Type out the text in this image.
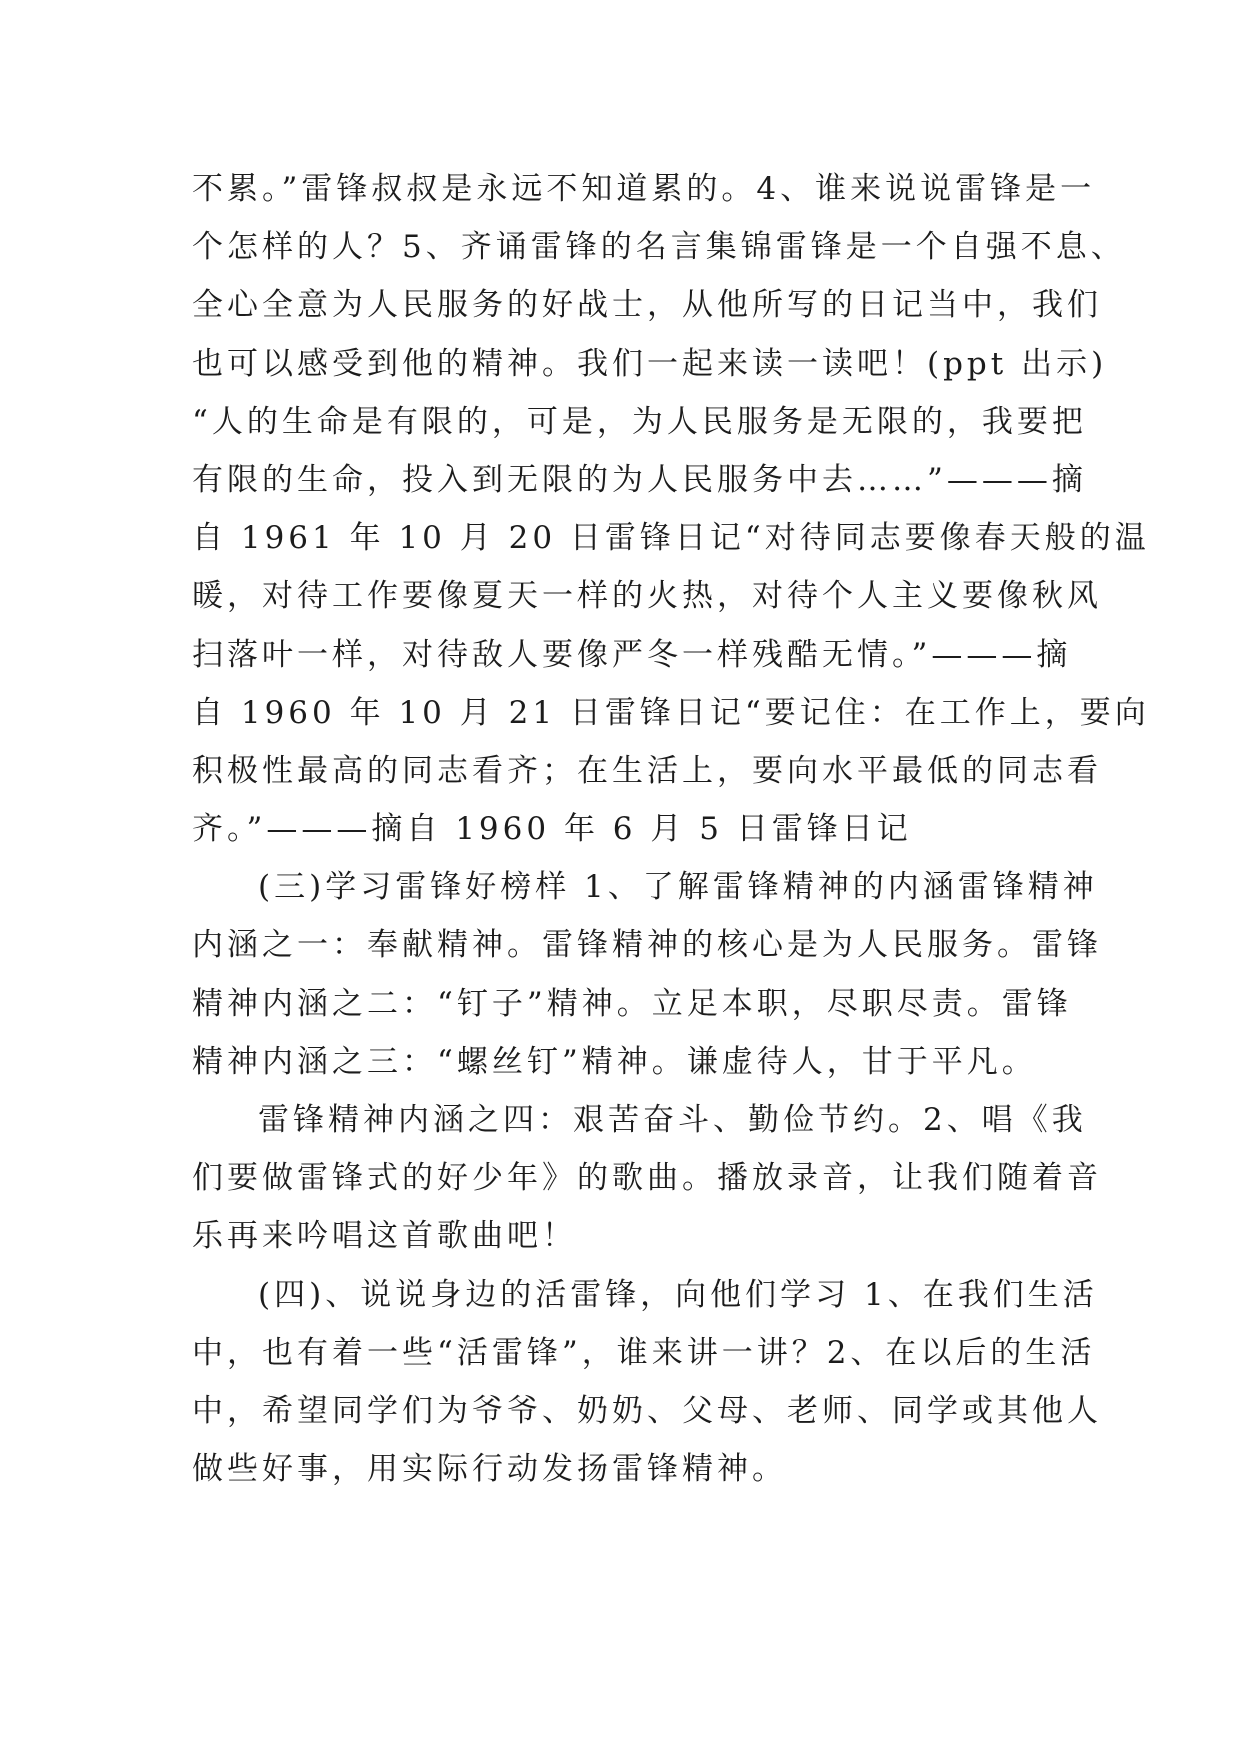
不累。”雷锋叔叔是永远不知道累的。4、谁来说说雷锋是一
个怎样的人？5、齐诵雷锋的名言集锦雷锋是一个自强不息、
全心全意为人民服务的好战士，从他所写的日记当中，我们
也可以感受到他的精神。我们一起来读一读吧！(ppt 出示)
“人的生命是有限的，可是，为人民服务是无限的，我要把
有限的生命，投入到无限的为人民服务中去……”———摘
自 1961 年 10 月 20 日雷锋日记“对待同志要像春天般的温
暖，对待工作要像夏天一样的火热，对待个人主义要像秋风
扫落叶一样，对待敌人要像严冬一样残酷无情。”———摘
自 1960 年 10 月 21 日雷锋日记“要记住：在工作上，要向
积极性最高的同志看齐；在生活上，要向水平最低的同志看
齐。”———摘自 1960 年 6 月 5 日雷锋日记
(三)学习雷锋好榜样 1、了解雷锋精神的内涵雷锋精神
内涵之一：奉献精神。雷锋精神的核心是为人民服务。雷锋
精神内涵之二：“钉子”精神。立足本职，尽职尽责。雷锋
精神内涵之三：“螺丝钉”精神。谦虚待人，甘于平凡。
雷锋精神内涵之四：艰苦奋斗、勤俭节约。2、唱《我
们要做雷锋式的好少年》的歌曲。播放录音，让我们随着音
乐再来吟唱这首歌曲吧！
(四)、说说身边的活雷锋，向他们学习 1、在我们生活
中，也有着一些“活雷锋”，谁来讲一讲？2、在以后的生活
中，希望同学们为爷爷、奶奶、父母、老师、同学或其他人
做些好事，用实际行动发扬雷锋精神。
